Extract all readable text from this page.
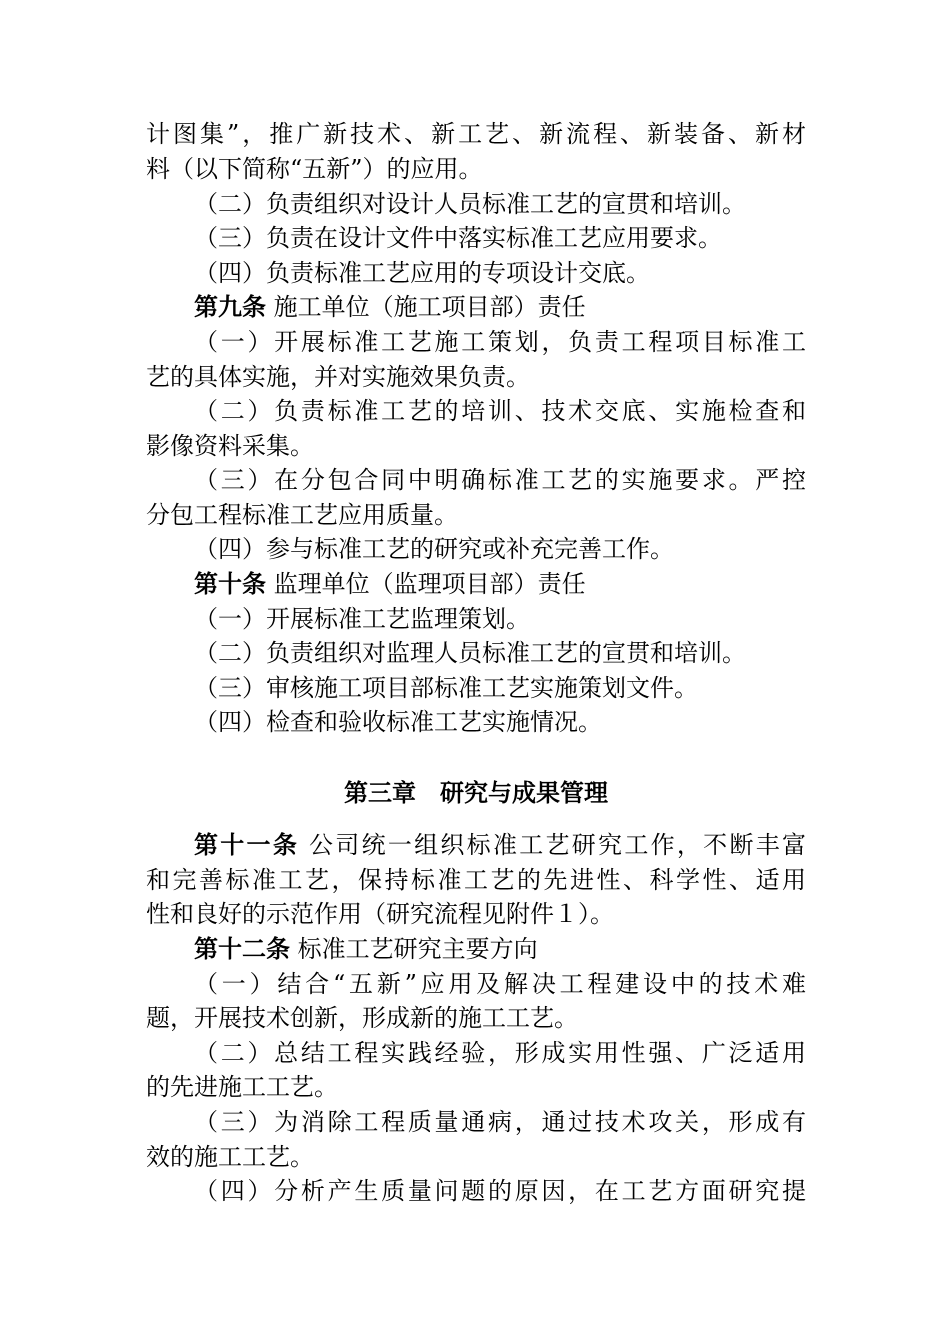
计图集”，推广新技术、新工艺、新流程、新装备、新材
料（以下简称“五新”）的应用。
（二）负责组织对设计人员标准工艺的宣贯和培训。
（三）负责在设计文件中落实标准工艺应用要求。
（四）负责标准工艺应用的专项设计交底。
第九条 施工单位（施工项目部）责任
（一）开展标准工艺施工策划，负责工程项目标准工
艺的具体实施，并对实施效果负责。
（二）负责标准工艺的培训、技术交底、实施检查和
影像资料采集。
（三）在分包合同中明确标准工艺的实施要求。严控
分包工程标准工艺应用质量。
（四）参与标准工艺的研究或补充完善工作。
第十条 监理单位（监理项目部）责任
（一）开展标准工艺监理策划。
（二）负责组织对监理人员标准工艺的宣贯和培训。
（三）审核施工项目部标准工艺实施策划文件。
（四）检查和验收标准工艺实施情况。
第三章　研究与成果管理
第十一条 公司统一组织标准工艺研究工作，不断丰富
和完善标准工艺，保持标准工艺的先进性、科学性、适用
性和良好的示范作用（研究流程见附件１）。
第十二条 标准工艺研究主要方向
（一）结合“五新”应用及解决工程建设中的技术难
题，开展技术创新，形成新的施工工艺。
（二）总结工程实践经验，形成实用性强、广泛适用
的先进施工工艺。
（三）为消除工程质量通病，通过技术攻关，形成有
效的施工工艺。
（四）分析产生质量问题的原因，在工艺方面研究提
